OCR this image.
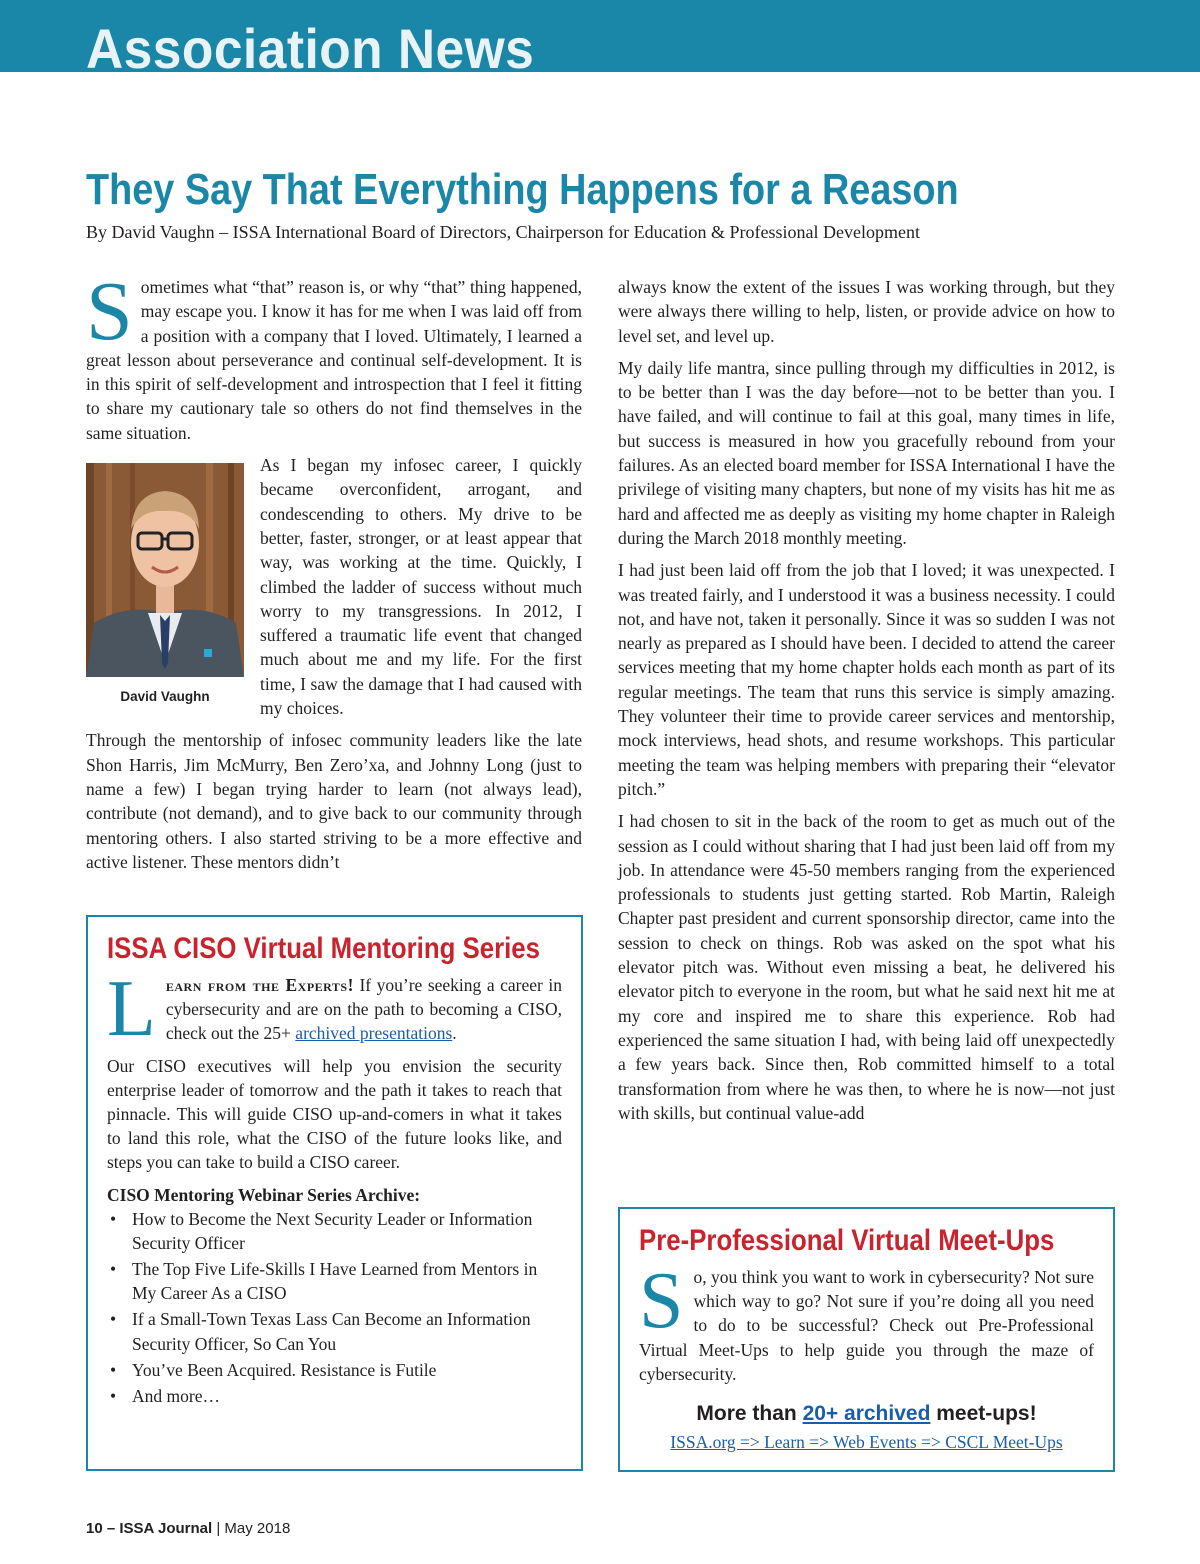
Association News
They Say That Everything Happens for a Reason
By David Vaughn – ISSA International Board of Directors, Chairperson for Education & Professional Development

Sometimes what “that” reason is, or why “that” thing happened, may escape you. I know it has for me when I was laid off from a position with a company that I loved. Ultimately, I learned a great lesson about perseverance and continual self-development. It is in this spirit of self-development and introspection that I feel it fitting to share my cautionary tale so others do not find themselves in the same situation.

David Vaughn
As I began my infosec career, I quickly became overconfident, arrogant, and condescending to others. My drive to be better, faster, stronger, or at least appear that way, was working at the time. Quickly, I climbed the ladder of success without much worry to my transgressions. In 2012, I suffered a traumatic life event that changed much about me and my life. For the first time, I saw the damage that I had caused with my choices.

Through the mentorship of infosec community leaders like the late Shon Harris, Jim McMurry, Ben Zero’xa, and Johnny Long (just to name a few) I began trying harder to learn (not always lead), contribute (not demand), and to give back to our community through mentoring others. I also started striving to be a more effective and active listener. These mentors didn’t

always know the extent of the issues I was working through, but they were always there willing to help, listen, or provide advice on how to level set, and level up.

My daily life mantra, since pulling through my difficulties in 2012, is to be better than I was the day before—not to be better than you. I have failed, and will continue to fail at this goal, many times in life, but success is measured in how you gracefully rebound from your failures. As an elected board member for ISSA International I have the privilege of visiting many chapters, but none of my visits has hit me as hard and affected me as deeply as visiting my home chapter in Raleigh during the March 2018 monthly meeting.

I had just been laid off from the job that I loved; it was unexpected. I was treated fairly, and I understood it was a business necessity. I could not, and have not, taken it personally. Since it was so sudden I was not nearly as prepared as I should have been. I decided to attend the career services meeting that my home chapter holds each month as part of its regular meetings. The team that runs this service is simply amazing. They volunteer their time to provide career services and mentorship, mock interviews, head shots, and resume workshops. This particular meeting the team was helping members with preparing their “elevator pitch.”

I had chosen to sit in the back of the room to get as much out of the session as I could without sharing that I had just been laid off from my job. In attendance were 45-50 members ranging from the experienced professionals to students just getting started. Rob Martin, Raleigh Chapter past president and current sponsorship director, came into the session to check on things. Rob was asked on the spot what his elevator pitch was. Without even missing a beat, he delivered his elevator pitch to everyone in the room, but what he said next hit me at my core and inspired me to share this experience. Rob had experienced the same situation I had, with being laid off unexpectedly a few years back. Since then, Rob committed himself to a total transformation from where he was then, to where he is now—not just with skills, but continual value-add

ISSA CISO Virtual Mentoring Series

Learn from the Experts! If you’re seeking a career in cybersecurity and are on the path to becoming a CISO, check out the 25+ archived presentations.

Our CISO executives will help you envision the security enterprise leader of tomorrow and the path it takes to reach that pinnacle. This will guide CISO up-and-comers in what it takes to land this role, what the CISO of the future looks like, and steps you can take to build a CISO career.

CISO Mentoring Webinar Series Archive:
• How to Become the Next Security Leader or Information Security Officer
• The Top Five Life-Skills I Have Learned from Mentors in My Career As a CISO
• If a Small-Town Texas Lass Can Become an Information Security Officer, So Can You
• You’ve Been Acquired. Resistance is Futile
• And more…
Pre-Professional Virtual Meet-Ups

So, you think you want to work in cybersecurity? Not sure which way to go? Not sure if you’re doing all you need to do to be successful? Check out Pre-Professional Virtual Meet-Ups to help guide you through the maze of cybersecurity.

More than 20+ archived meet-ups!
ISSA.org => Learn => Web Events => CSCL Meet-Ups
10 – ISSA Journal | May 2018
